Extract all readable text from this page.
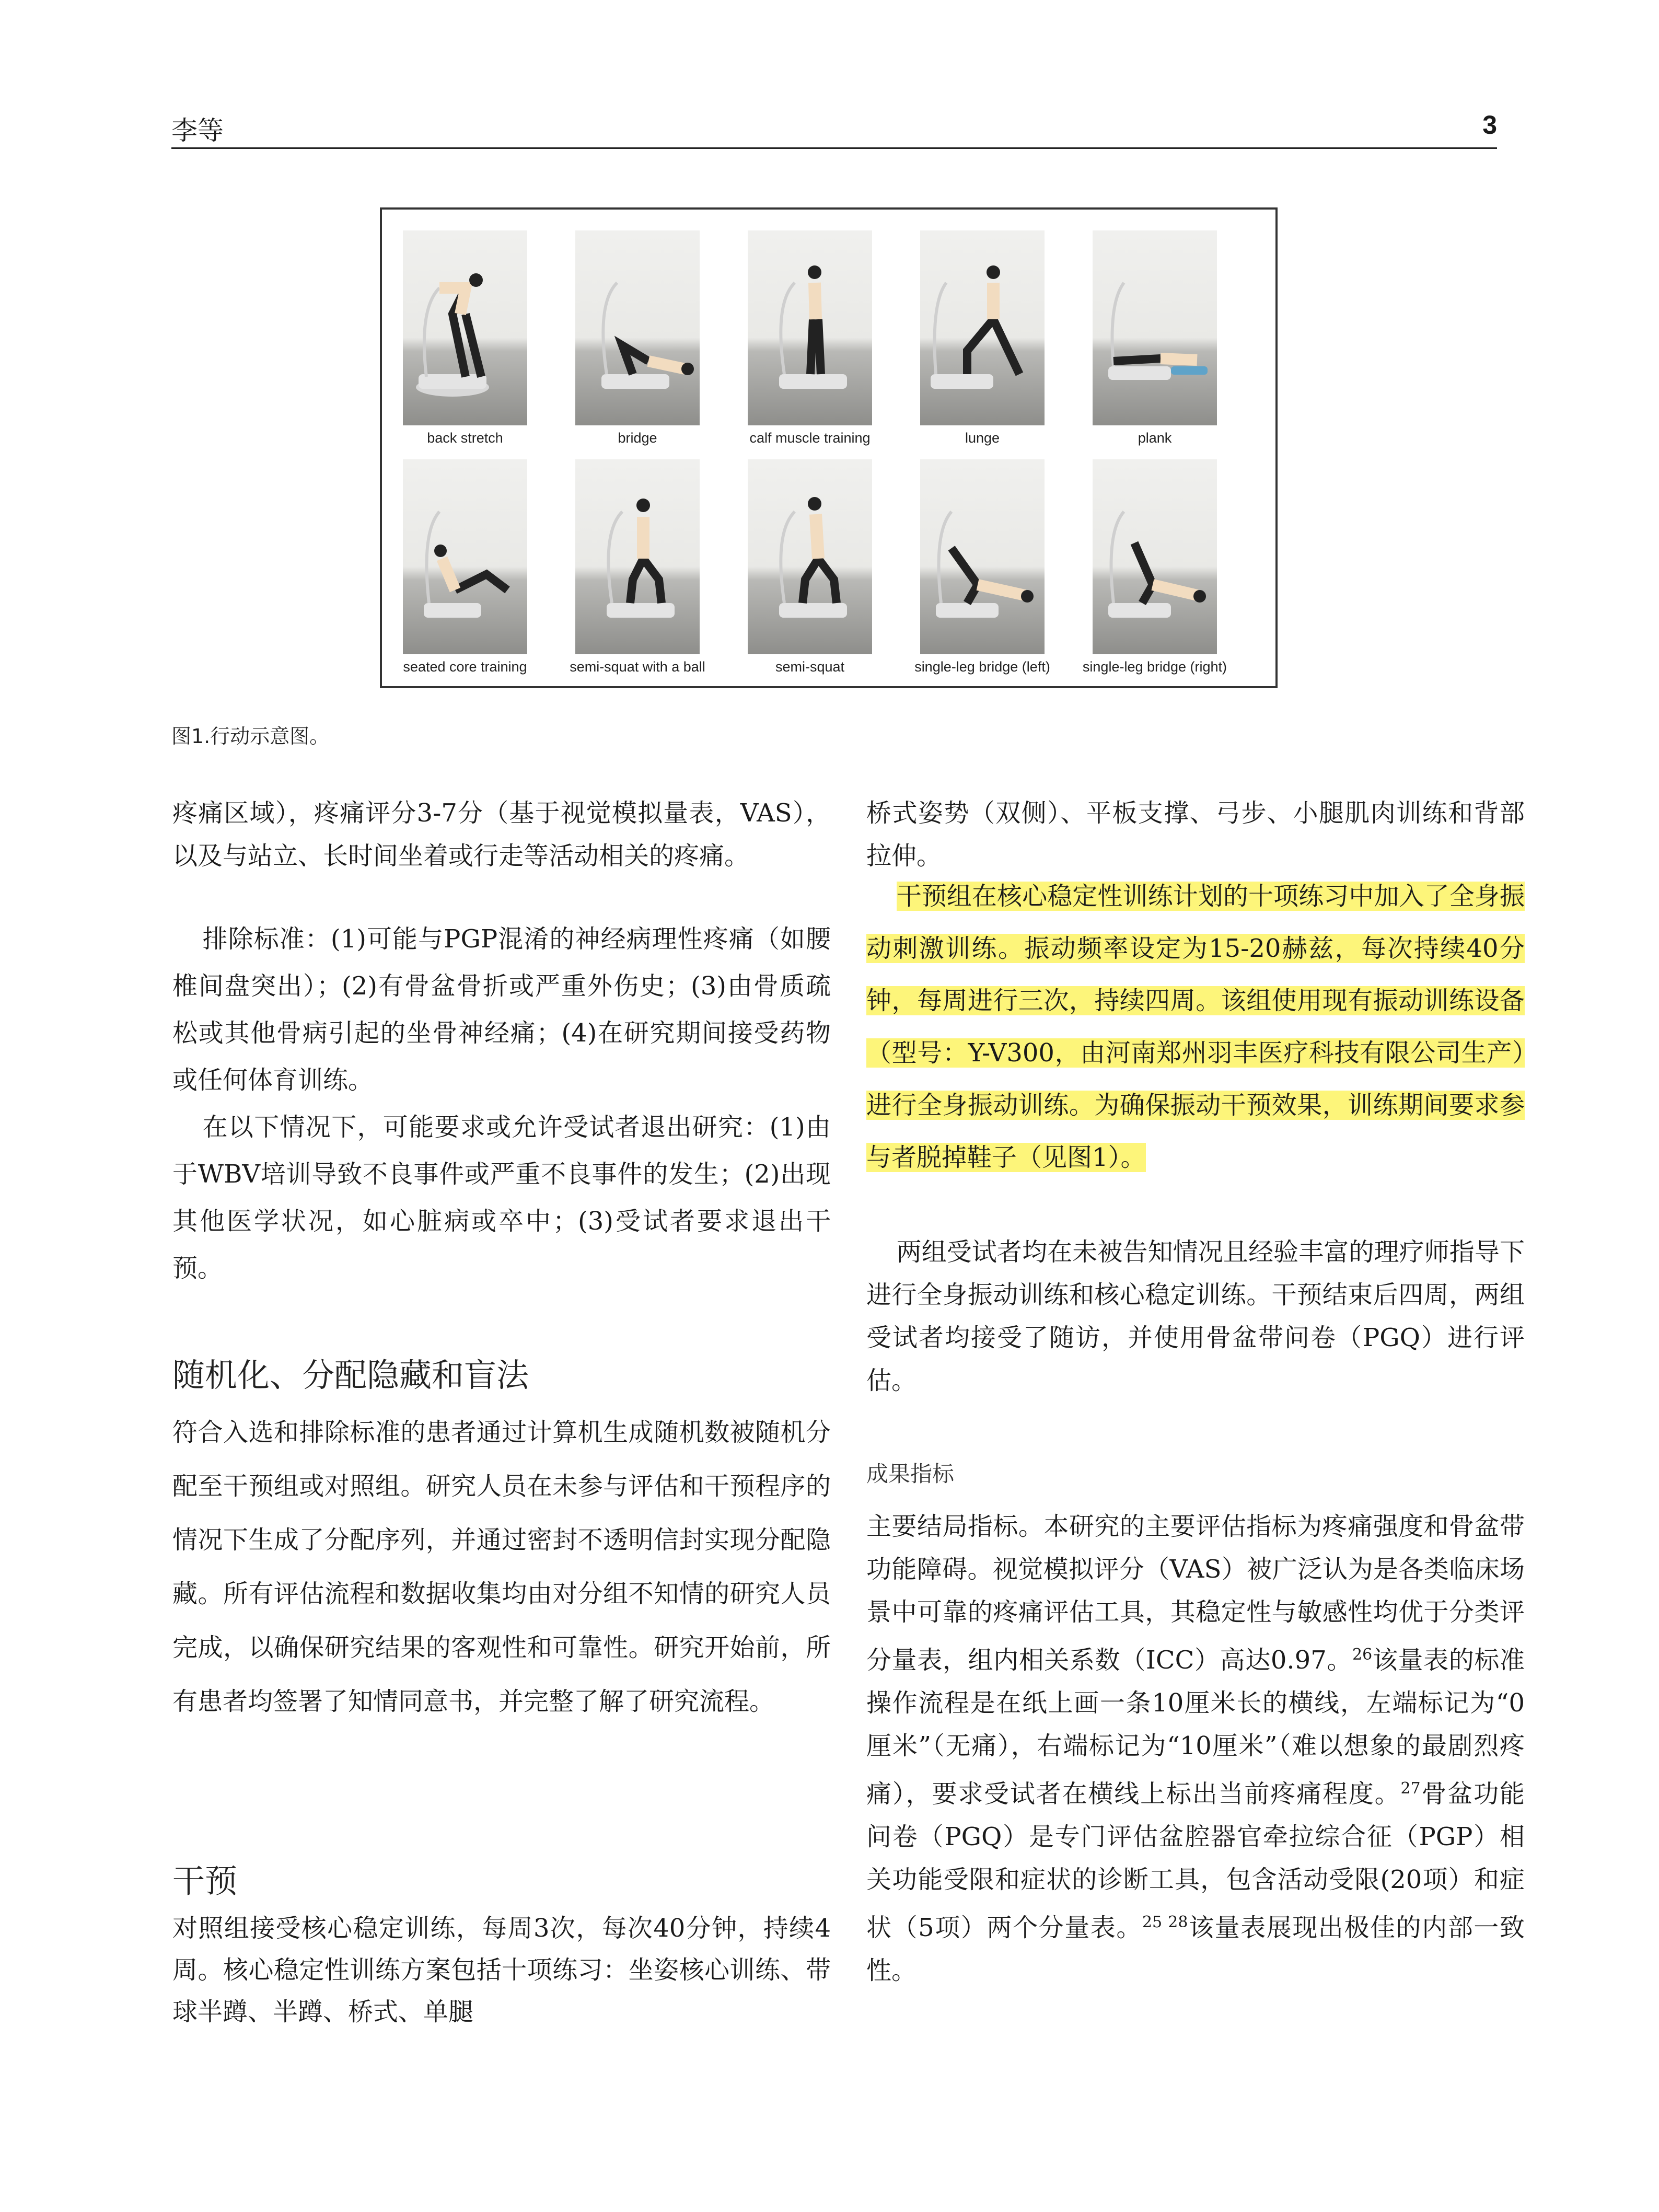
李等	3
back stretch	bridge	calf muscle training	lunge	plank
seated core training	semi-squat with a ball	semi-squat	single-leg bridge (left)	single-leg bridge (right)
图1.行动示意图。

疼痛区域），疼痛评分3-7分（基于视觉模拟量表，VAS），以及与站立、长时间坐着或行走等活动相关的疼痛。

排除标准：(1)可能与PGP混淆的神经病理性疼痛（如腰椎间盘突出）；(2)有骨盆骨折或严重外伤史；(3)由骨质疏松或其他骨病引起的坐骨神经痛；(4)在研究期间接受药物或任何体育训练。

在以下情况下，可能要求或允许受试者退出研究：(1)由于WBV培训导致不良事件或严重不良事件的发生；(2)出现其他医学状况，如心脏病或卒中；(3)受试者要求退出干预。

随机化、分配隐藏和盲法

符合入选和排除标准的患者通过计算机生成随机数被随机分配至干预组或对照组。研究人员在未参与评估和干预程序的情况下生成了分配序列，并通过密封不透明信封实现分配隐藏。所有评估流程和数据收集均由对分组不知情的研究人员完成，以确保研究结果的客观性和可靠性。研究开始前，所有患者均签署了知情同意书，并完整了解了研究流程。

干预

对照组接受核心稳定训练，每周3次，每次40分钟，持续4周。核心稳定性训练方案包括十项练习：坐姿核心训练、带球半蹲、半蹲、桥式、单腿

桥式姿势（双侧）、平板支撑、弓步、小腿肌肉训练和背部拉伸。

干预组在核心稳定性训练计划的十项练习中加入了全身振动刺激训练。振动频率设定为15-20赫兹，每次持续40分钟，每周进行三次，持续四周。该组使用现有振动训练设备（型号：Y-V300，由河南郑州羽丰医疗科技有限公司生产）进行全身振动训练。为确保振动干预效果，训练期间要求参与者脱掉鞋子（见图1）。

两组受试者均在未被告知情况且经验丰富的理疗师指导下进行全身振动训练和核心稳定训练。干预结束后四周，两组受试者均接受了随访，并使用骨盆带问卷（PGQ）进行评估。

成果指标

主要结局指标。本研究的主要评估指标为疼痛强度和骨盆带功能障碍。视觉模拟评分（VAS）被广泛认为是各类临床场景中可靠的疼痛评估工具，其稳定性与敏感性均优于分类评分量表，组内相关系数（ICC）高达0.97。$^{26}$该量表的标准操作流程是在纸上画一条10厘米长的横线，左端标记为“0厘米”（无痛），右端标记为“10厘米”（难以想象的最剧烈疼痛），要求受试者在横线上标出当前疼痛程度。$^{27}$骨盆功能问卷（PGQ）是专门评估盆腔器官牵拉综合征（PGP）相关功能受限和症状的诊断工具，包含活动受限(20项）和症状（5项）两个分量表。$^{25 28}$该量表展现出极佳的内部一致性。
